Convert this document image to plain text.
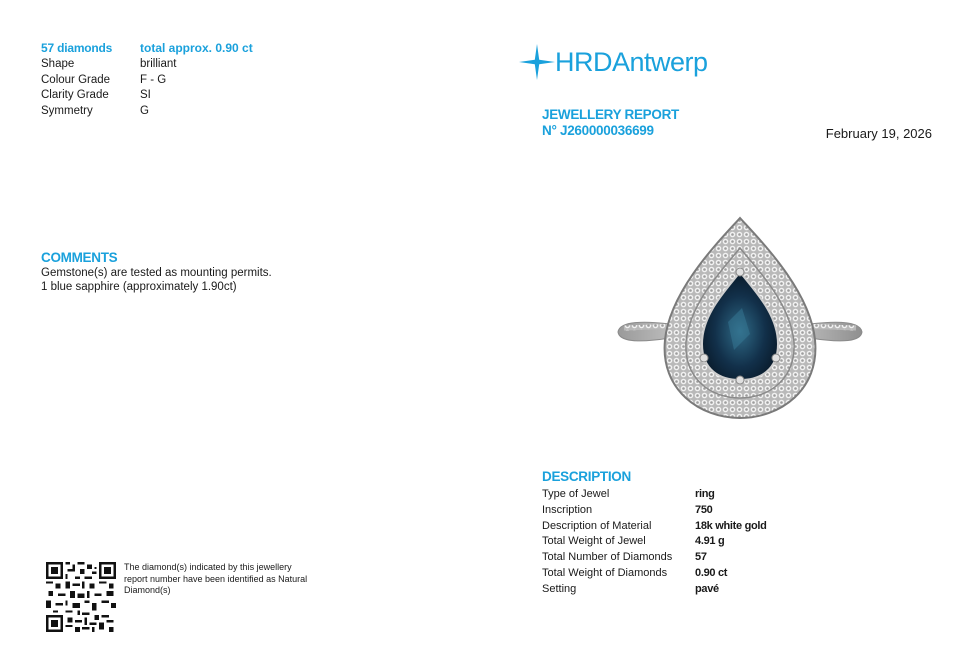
57 diamonds	total approx. 0.90 ct
Shape	brilliant
Colour Grade	F - G
Clarity Grade	SI
Symmetry	G
COMMENTS

Gemstone(s) are tested as mounting permits.

1 blue sapphire (approximately 1.90ct)

The diamond(s) indicated by this jewellery report number have been identified as Natural Diamond(s)
HRDAntwerp
JEWELLERY REPORT
N° J260000036699	February 19, 2026
DESCRIPTION
Type of Jewel	ring
Inscription	750
Description of Material	18k white gold
Total Weight of Jewel	4.91 g
Total Number of Diamonds	57
Total Weight of Diamonds	0.90 ct
Setting	pavé
